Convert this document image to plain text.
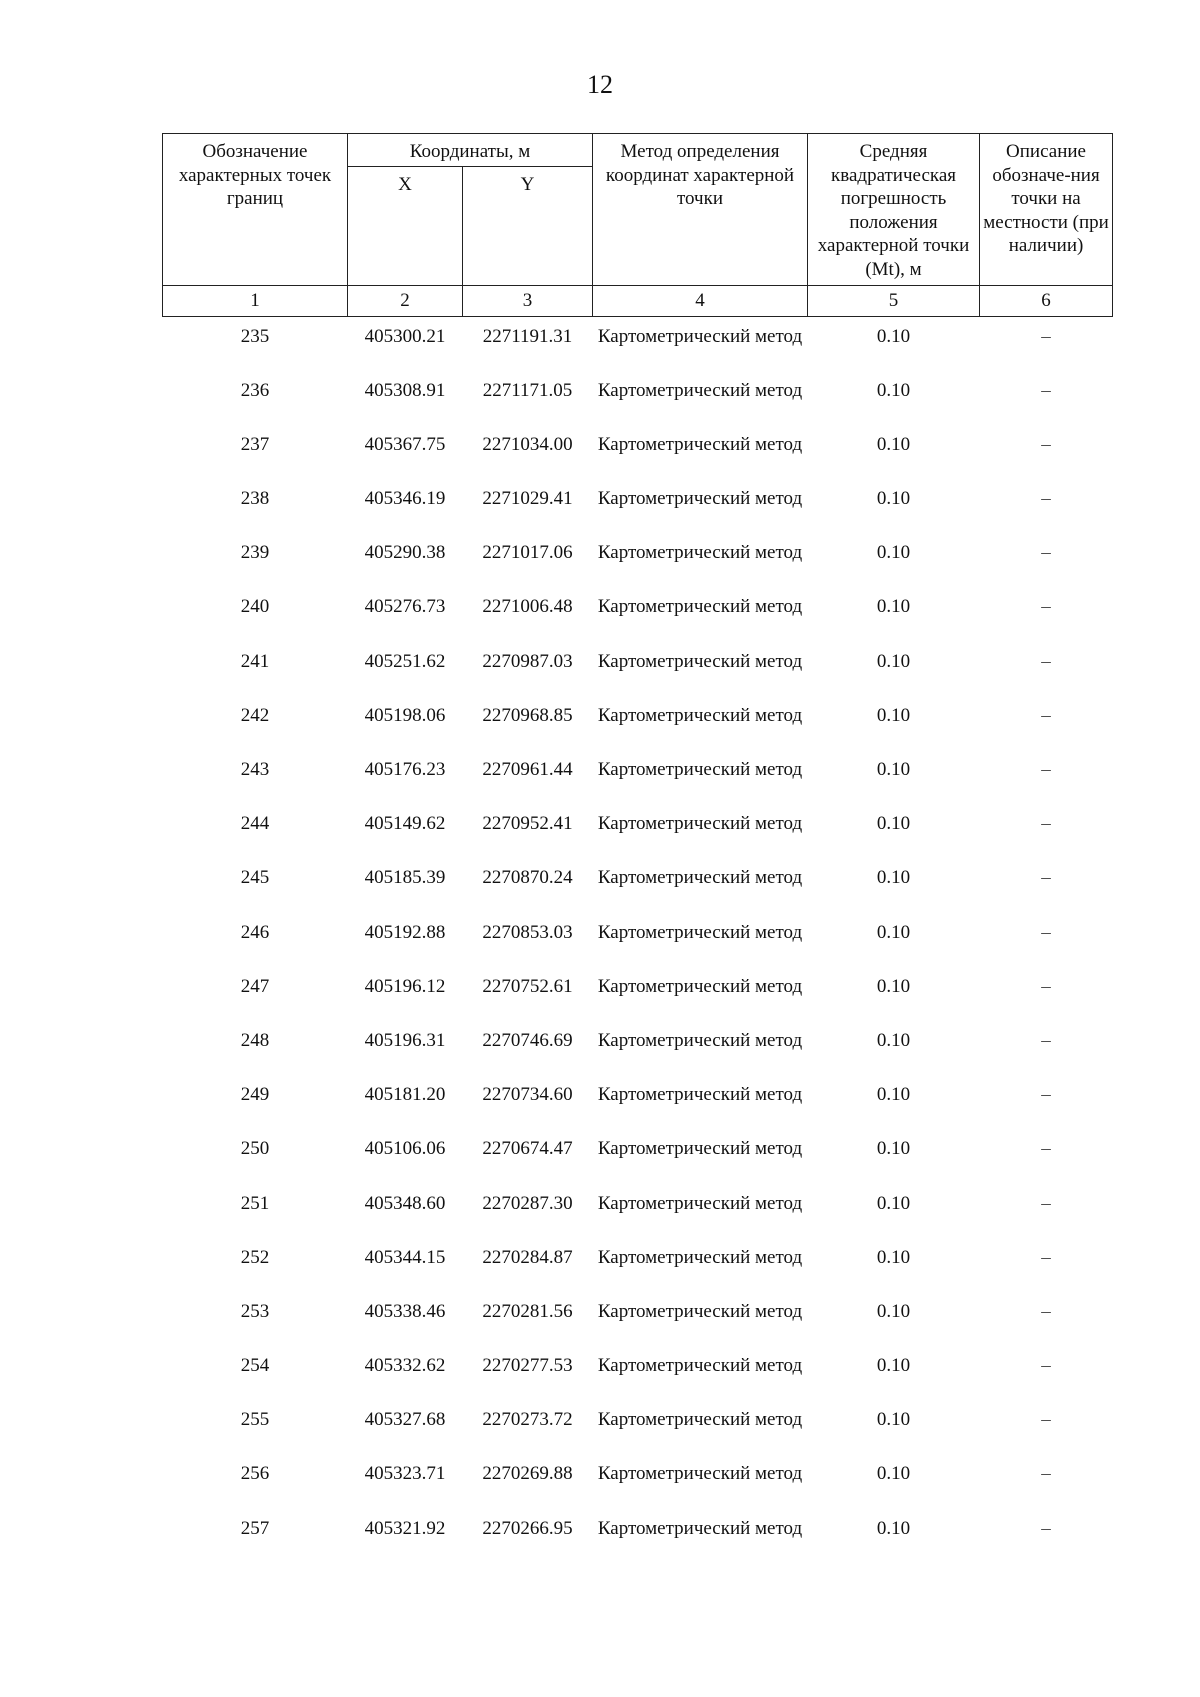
12
Обозначение характерных точек границ	Координаты, м		Метод определения координат характерной точки	Средняя квадратическая погрешность положения характерной точки (Mt), м	Описание обозначе-ния точки на местности (при наличии)
	X	Y			
1	2	3	4	5	6
235	405300.21	2271191.31	Картометрический метод	0.10	–
236	405308.91	2271171.05	Картометрический метод	0.10	–
237	405367.75	2271034.00	Картометрический метод	0.10	–
238	405346.19	2271029.41	Картометрический метод	0.10	–
239	405290.38	2271017.06	Картометрический метод	0.10	–
240	405276.73	2271006.48	Картометрический метод	0.10	–
241	405251.62	2270987.03	Картометрический метод	0.10	–
242	405198.06	2270968.85	Картометрический метод	0.10	–
243	405176.23	2270961.44	Картометрический метод	0.10	–
244	405149.62	2270952.41	Картометрический метод	0.10	–
245	405185.39	2270870.24	Картометрический метод	0.10	–
246	405192.88	2270853.03	Картометрический метод	0.10	–
247	405196.12	2270752.61	Картометрический метод	0.10	–
248	405196.31	2270746.69	Картометрический метод	0.10	–
249	405181.20	2270734.60	Картометрический метод	0.10	–
250	405106.06	2270674.47	Картометрический метод	0.10	–
251	405348.60	2270287.30	Картометрический метод	0.10	–
252	405344.15	2270284.87	Картометрический метод	0.10	–
253	405338.46	2270281.56	Картометрический метод	0.10	–
254	405332.62	2270277.53	Картометрический метод	0.10	–
255	405327.68	2270273.72	Картометрический метод	0.10	–
256	405323.71	2270269.88	Картометрический метод	0.10	–
257	405321.92	2270266.95	Картометрический метод	0.10	–
